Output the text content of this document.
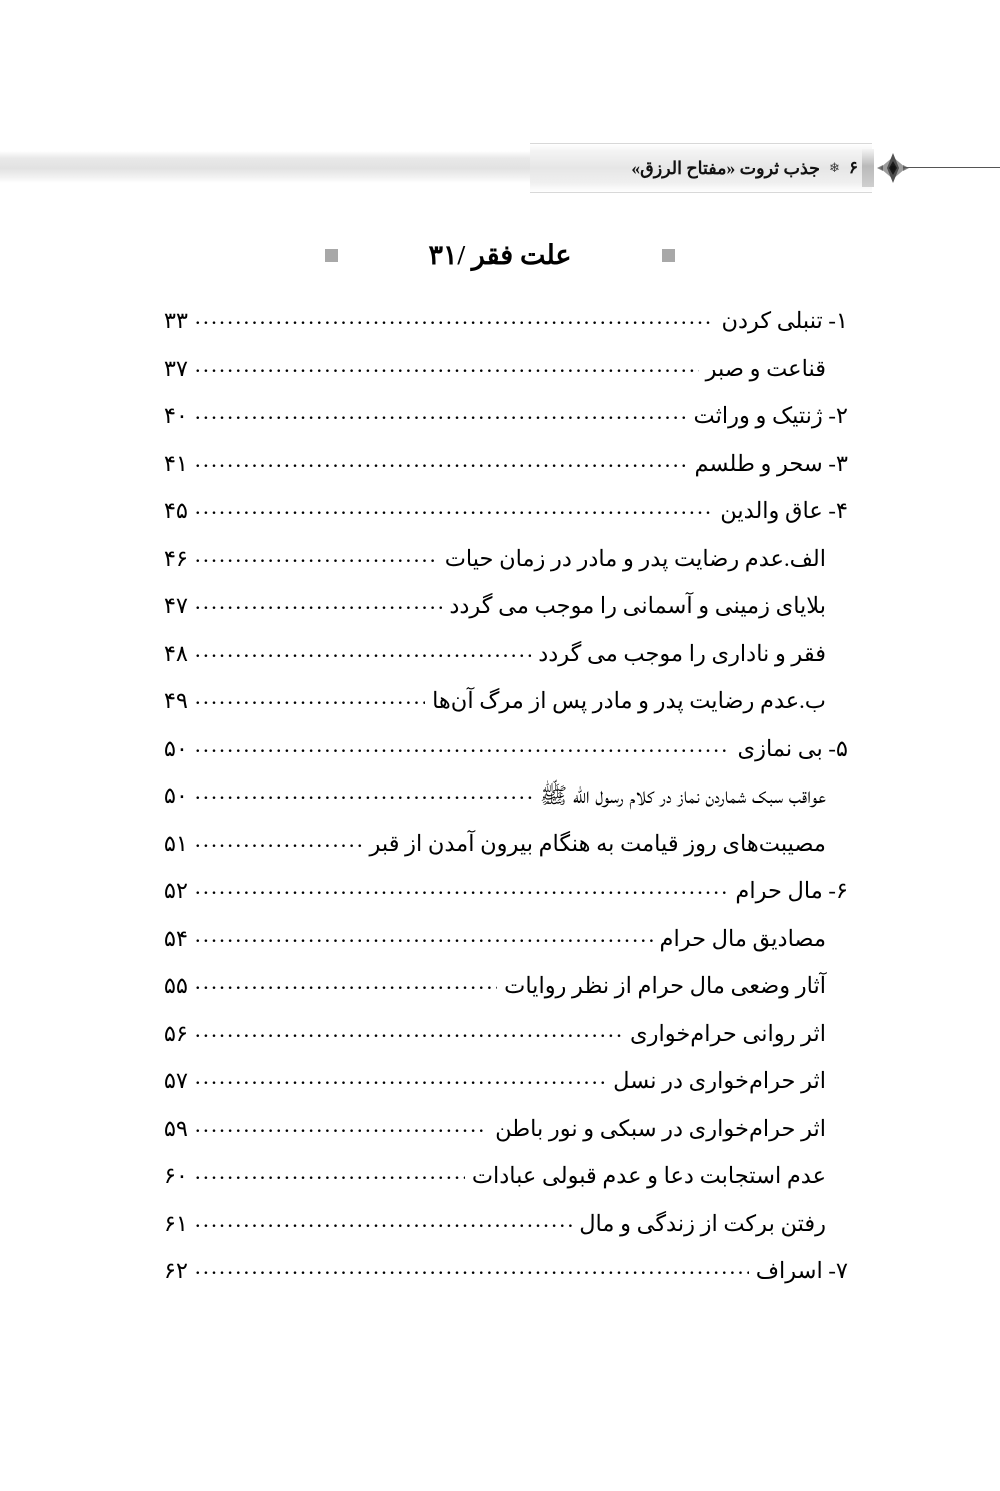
۶
❄
جذب ثروت «مفتاح الرزق»
علت فقر /۳۱
۱- تنبلی کردن
.....
۳۳
قناعت و صبر
.....
۳۷
۲- ژنتیک و وراثت
.....
۴۰
۳- سحر و طلسم
.....
۴۱
۴- عاق والدین
.....
۴۵
الف.عدم رضایت پدر و مادر در زمان حیات
.....
۴۶
بلایای زمینی و آسمانی را موجب می گردد
.....
۴۷
فقر و ناداری را موجب می گردد
.....
۴۸
ب.عدم رضایت پدر و مادر پس از مرگ آن‌ها
.....
۴۹
۵- بی نمازی
.....
۵۰
عواقب سبک شماردن نماز در کلام رسول الله ﷺ
.....
۵۰
مصیبت‌های روز قیامت به هنگام بیرون آمدن از قبر
.....
۵۱
۶- مال حرام
.....
۵۲
مصادیق مال حرام
.....
۵۴
آثار وضعی مال حرام از نظر روایات
.....
۵۵
اثر روانی حرام‌خواری
.....
۵۶
اثر حرام‌خواری در نسل
.....
۵۷
اثر حرام‌خواری در سبکی و نور باطن
.....
۵۹
عدم استجابت دعا و عدم قبولی عبادات
.....
۶۰
رفتن برکت از زندگی و مال
.....
۶۱
۷- اسراف
.....
۶۲
